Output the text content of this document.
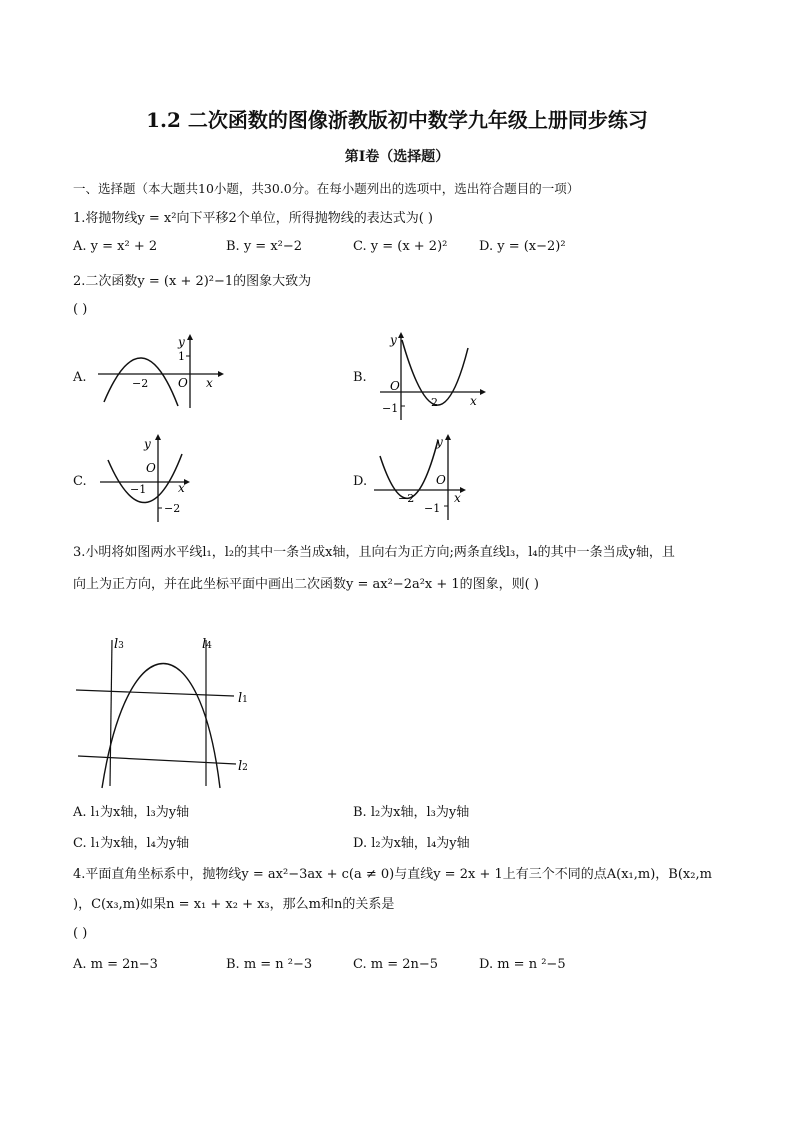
1.2 二次函数的图像浙教版初中数学九年级上册同步练习
第I卷（选择题）
一、选择题（本大题共10小题，共30.0分。在每小题列出的选项中，选出符合题目的一项）
1.将抛物线y = x²向下平移2个单位，所得抛物线的表达式为( )
A. y = x² + 2	B. y = x²−2	C. y = (x + 2)² D. y = (x−2)²
2.二次函数y = (x + 2)²−1的图象大致为
( )
A.	B.
C.	D.
y
x
O
1
−2
y
x
O
−1	2
y
x
O
−1
−2
y
x
O
−2
−1
3.小明将如图两水平线l₁，l₂的其中一条当成x轴，且向右为正方向;两条直线l₃，l₄的其中一条当成y轴，且
向上为正方向，并在此坐标平面中画出二次函数y = ax²−2a²x + 1的图象，则( )
l3	l4
l1
l2
A. l₁为x轴，l₃为y轴	B. l₂为x轴，l₃为y轴
C. l₁为x轴，l₄为y轴	D. l₂为x轴，l₄为y轴
4.平面直角坐标系中，抛物线y = ax²−3ax + c(a ≠ 0)与直线y = 2x + 1上有三个不同的点A(x₁,m)，B(x₂,m
)，C(x₃,m)如果n = x₁ + x₂ + x₃，那么m和n的关系是
( )
A. m = 2n−3	B. m = n ²−3	C. m = 2n−5	D. m = n ²−5
